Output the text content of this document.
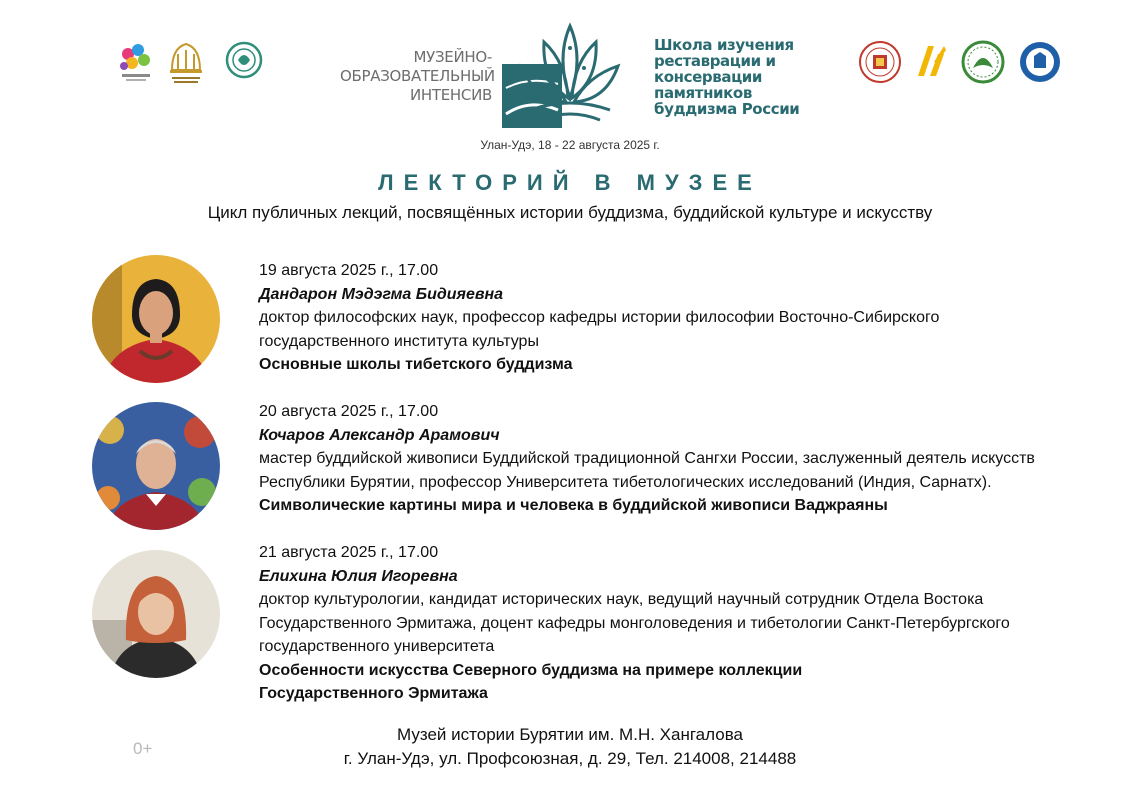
МУЗЕЙНО-
ОБРАЗОВАТЕЛЬНЫЙ
ИНТЕНСИВ
Школа изучения
реставрации и
консервации
памятников
буддизма России
Улан-Удэ, 18 - 22 августа 2025 г.
ЛЕКТОРИЙ В МУЗЕЕ
Цикл публичных лекций, посвящённых истории буддизма, буддийской культуре и искусству
19 августа 2025 г., 17.00
Дандарон Мэдэгма Бидияевна
доктор философских наук, профессор кафедры истории философии Восточно-Сибирского
государственного института культуры
Основные школы тибетского буддизма
20 августа 2025 г., 17.00
Кочаров Александр Арамович
мастер буддийской живописи Буддийской традиционной Сангхи России, заслуженный деятель искусств
Республики Бурятии, профессор Университета тибетологических исследований (Индия, Сарнатх).
Символические картины мира и человека в буддийской живописи Ваджраяны
21 августа 2025 г., 17.00
Елихина Юлия Игоревна
доктор культурологии, кандидат исторических наук, ведущий научный сотрудник Отдела Востока
Государственного Эрмитажа, доцент кафедры монголоведения и тибетологии Санкт-Петербургского
государственного университета
Особенности искусства Северного буддизма на примере коллекции
Государственного Эрмитажа
0+
Музей истории Бурятии им. М.Н. Хангалова
г. Улан-Удэ, ул. Профсоюзная, д. 29, Тел. 214008, 214488
